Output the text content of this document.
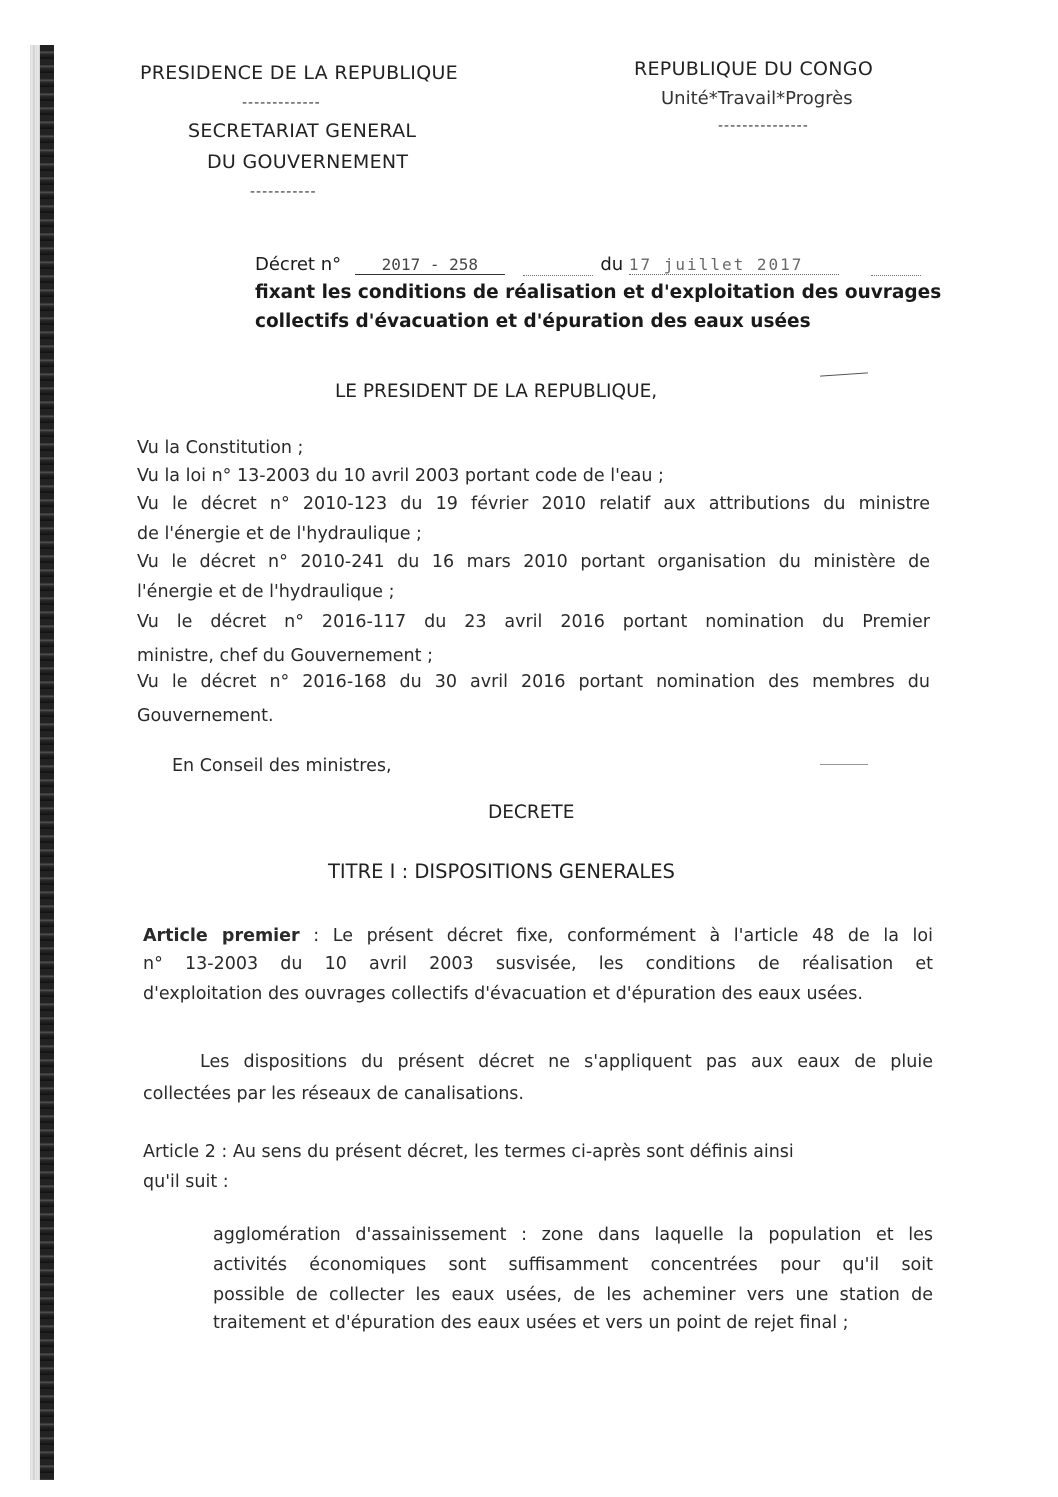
PRESIDENCE DE LA REPUBLIQUE
-------------
SECRETARIAT GENERAL
DU GOUVERNEMENT
-----------
REPUBLIQUE DU CONGO
Unité*Travail*Progrès
---------------
Décret n°	2017 - 258	du 17 juillet 2017
fixant les conditions de réalisation et d'exploitation des ouvrages
collectifs d'évacuation et d'épuration des eaux usées
LE PRESIDENT DE LA REPUBLIQUE,
Vu la Constitution ;
Vu la loi n° 13-2003 du 10 avril 2003 portant code de l'eau ;
Vu le décret n° 2010-123 du 19 février 2010 relatif aux attributions du ministre
de l'énergie et de l'hydraulique ;
Vu le décret n° 2010-241 du 16 mars 2010 portant organisation du ministère de
l'énergie et de l'hydraulique ;
Vu le décret n° 2016-117 du 23 avril 2016 portant nomination du Premier
ministre, chef du Gouvernement ;
Vu le décret n° 2016-168 du 30 avril 2016 portant nomination des membres du
Gouvernement.
En Conseil des ministres,
DECRETE
TITRE I : DISPOSITIONS GENERALES
Article premier : Le présent décret fixe, conformément à l'article 48 de la loi
n° 13-2003 du 10 avril 2003 susvisée, les conditions de réalisation et
d'exploitation des ouvrages collectifs d'évacuation et d'épuration des eaux usées.
Les dispositions du présent décret ne s'appliquent pas aux eaux de pluie
collectées par les réseaux de canalisations.
Article 2 : Au sens du présent décret, les termes ci-après sont définis ainsi
qu'il suit :
agglomération d'assainissement : zone dans laquelle la population et les
activités économiques sont suffisamment concentrées pour qu'il soit
possible de collecter les eaux usées, de les acheminer vers une station de
traitement et d'épuration des eaux usées et vers un point de rejet final ;
